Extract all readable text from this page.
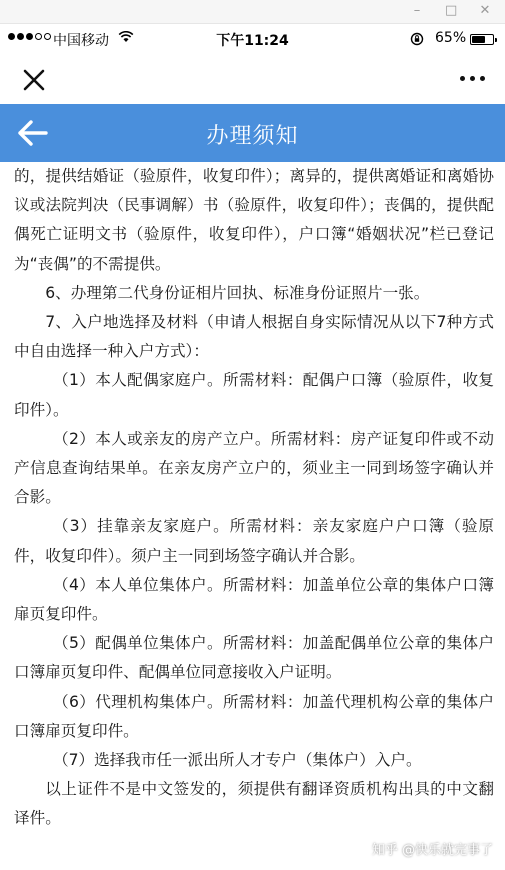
– □ ✕
中国移动	下午11:24	65%
办理须知

的，提供结婚证（验原件，收复印件）；离异的，提供离婚证和离婚协议或法院判决（民事调解）书（验原件，收复印件）；丧偶的，提供配偶死亡证明文书（验原件，收复印件），户口簿“婚姻状况”栏已登记为“丧偶”的不需提供。

6、办理第二代身份证相片回执、标准身份证照片一张。

7、入户地选择及材料（申请人根据自身实际情况从以下7种方式中自由选择一种入户方式）：

（1）本人配偶家庭户。所需材料：配偶户口簿（验原件，收复印件）。

（2）本人或亲友的房产立户。所需材料：房产证复印件或不动产信息查询结果单。在亲友房产立户的，须业主一同到场签字确认并合影。

（3）挂靠亲友家庭户。所需材料：亲友家庭户户口簿（验原件，收复印件）。须户主一同到场签字确认并合影。

（4）本人单位集体户。所需材料：加盖单位公章的集体户口簿扉页复印件。

（5）配偶单位集体户。所需材料：加盖配偶单位公章的集体户口簿扉页复印件、配偶单位同意接收入户证明。

（6）代理机构集体户。所需材料：加盖代理机构公章的集体户口簿扉页复印件。

（7）选择我市任一派出所人才专户（集体户）入户。

以上证件不是中文签发的，须提供有翻译资质机构出具的中文翻译件。

知乎 @快乐就完事了
